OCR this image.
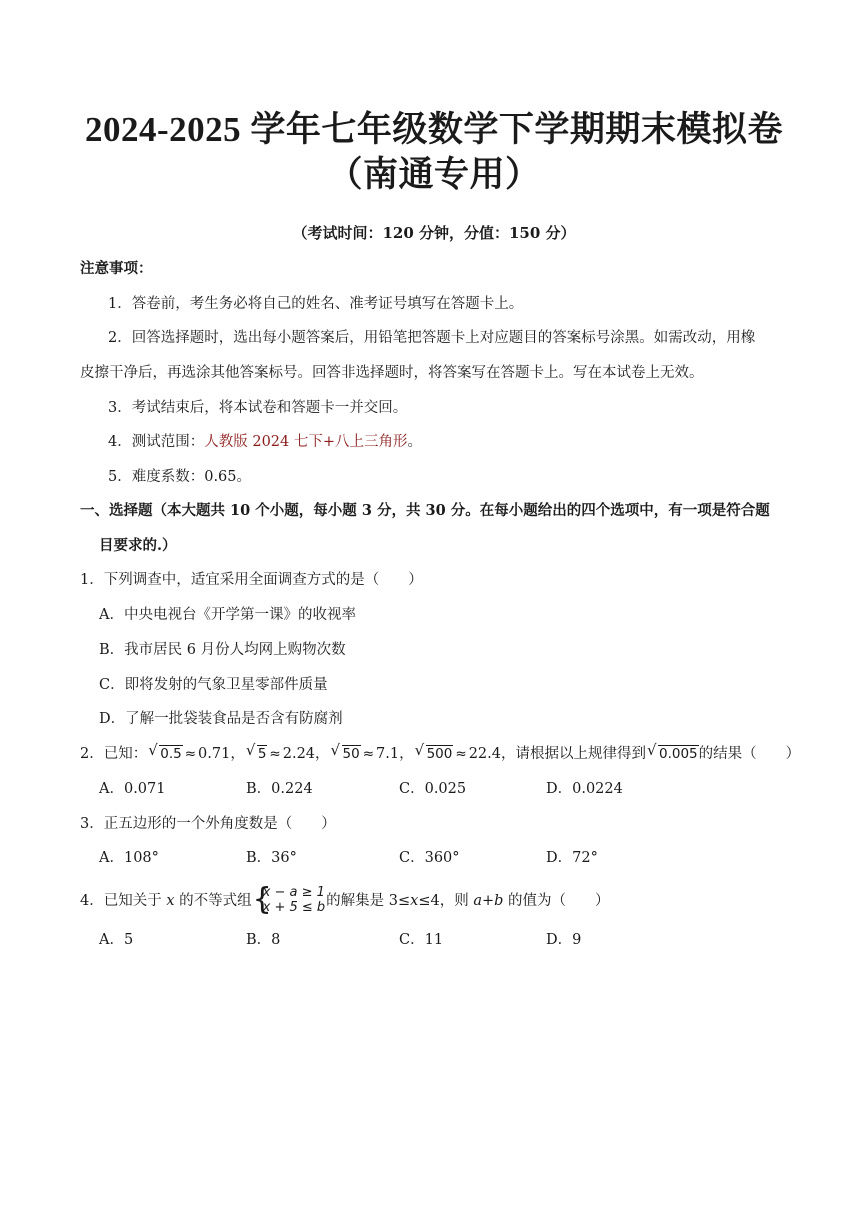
2024-2025 学年七年级数学下学期期末模拟卷
（南通专用）
（考试时间：120 分钟，分值：150 分）
注意事项：
1．答卷前，考生务必将自己的姓名、准考证号填写在答题卡上。
2．回答选择题时，选出每小题答案后，用铅笔把答题卡上对应题目的答案标号涂黑。如需改动，用橡
皮擦干净后，再选涂其他答案标号。回答非选择题时，将答案写在答题卡上。写在本试卷上无效。
3．考试结束后，将本试卷和答题卡一并交回。
4．测试范围：人教版 2024 七下+八上三角形。
5．难度系数：0.65。
一、选择题（本大题共 10 个小题，每小题 3 分，共 30 分。在每小题给出的四个选项中，有一项是符合题
目要求的.）
1．下列调查中，适宜采用全面调查方式的是（　　）
A．中央电视台《开学第一课》的收视率
B．我市居民 6 月份人均网上购物次数
C．即将发射的气象卫星零部件质量
D．了解一批袋装食品是否含有防腐剂
2．已知： √ 0.5 ≈ 0.71， √ 5 ≈ 2.24， √ 50 ≈ 7.1， √ 500 ≈ 22.4，请根据以上规律得到 √ 0.005的结果（　　）
A．0.071	B．0.224	C．0.025	D．0.0224
3．正五边形的一个外角度数是（　　）
A．108°	B．36°	C．360°	D．72°
4．已知关于 x 的不等式组 {
x − a ≥ 1
x + 5 ≤ b 的解集是 3≤x≤4，则 a+b 的值为（　　）
A．5	B．8	C．11	D．9
